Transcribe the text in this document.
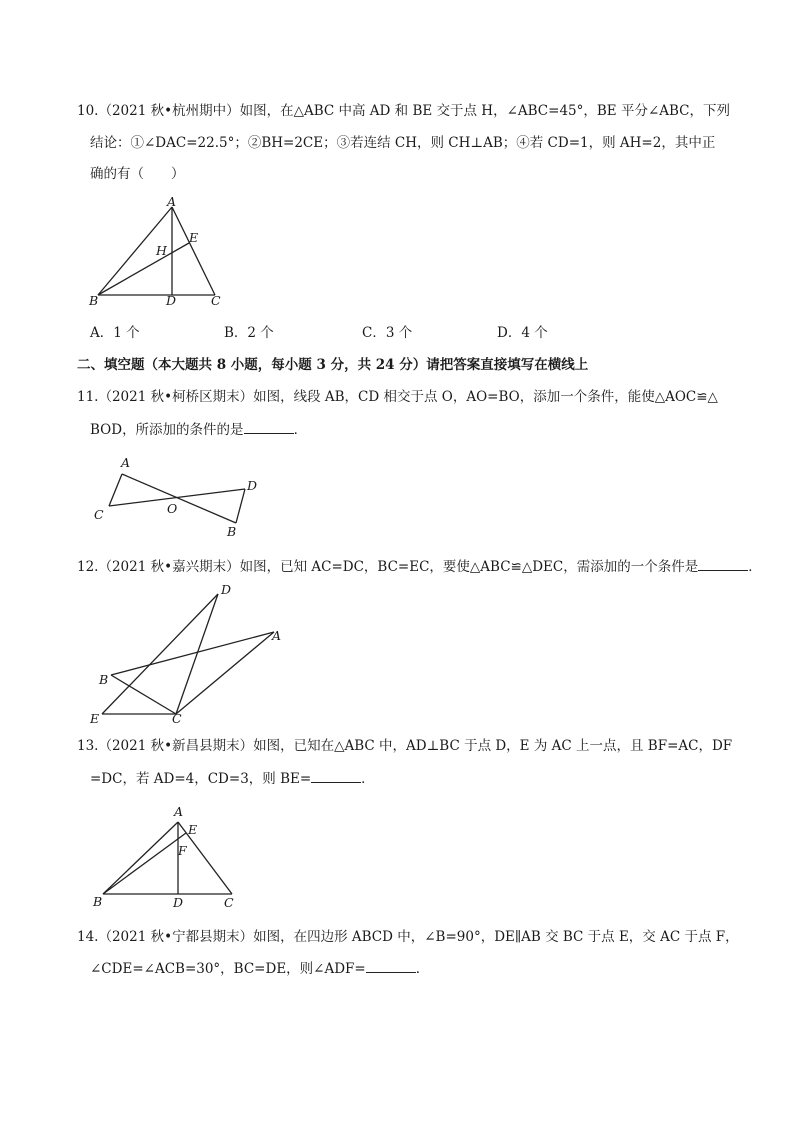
10.（2021 秋•杭州期中）如图，在△ABC 中高 AD 和 BE 交于点 H，∠ABC=45°，BE 平分∠ABC，下列
结论：①∠DAC=22.5°；②BH=2CE；③若连结 CH，则 CH⊥AB；④若 CD=1，则 AH=2，其中正
确的有（　　）
A
E
H
B	D	C
A．1 个	B．2 个	C．3 个	D．4 个
二、填空题（本大题共 8 小题，每小题 3 分，共 24 分）请把答案直接填写在横线上
11.（2021 秋•柯桥区期末）如图，线段 AB，CD 相交于点 O，AO=BO，添加一个条件，能使△AOC≌△
BOD，所添加的条件的是	．
A
D
C	O
B
12.（2021 秋•嘉兴期末）如图，已知 AC=DC，BC=EC，要使△ABC≌△DEC，需添加的一个条件是	．
D
A
B
E	C
13.（2021 秋•新昌县期末）如图，已知在△ABC 中，AD⊥BC 于点 D，E 为 AC 上一点，且 BF=AC，DF
=DC，若 AD=4，CD=3，则 BE=	．
A
E
F
B	D	C
14.（2021 秋•宁都县期末）如图，在四边形 ABCD 中，∠B=90°，DE∥AB 交 BC 于点 E，交 AC 于点 F，
∠CDE=∠ACB=30°，BC=DE，则∠ADF=	．
